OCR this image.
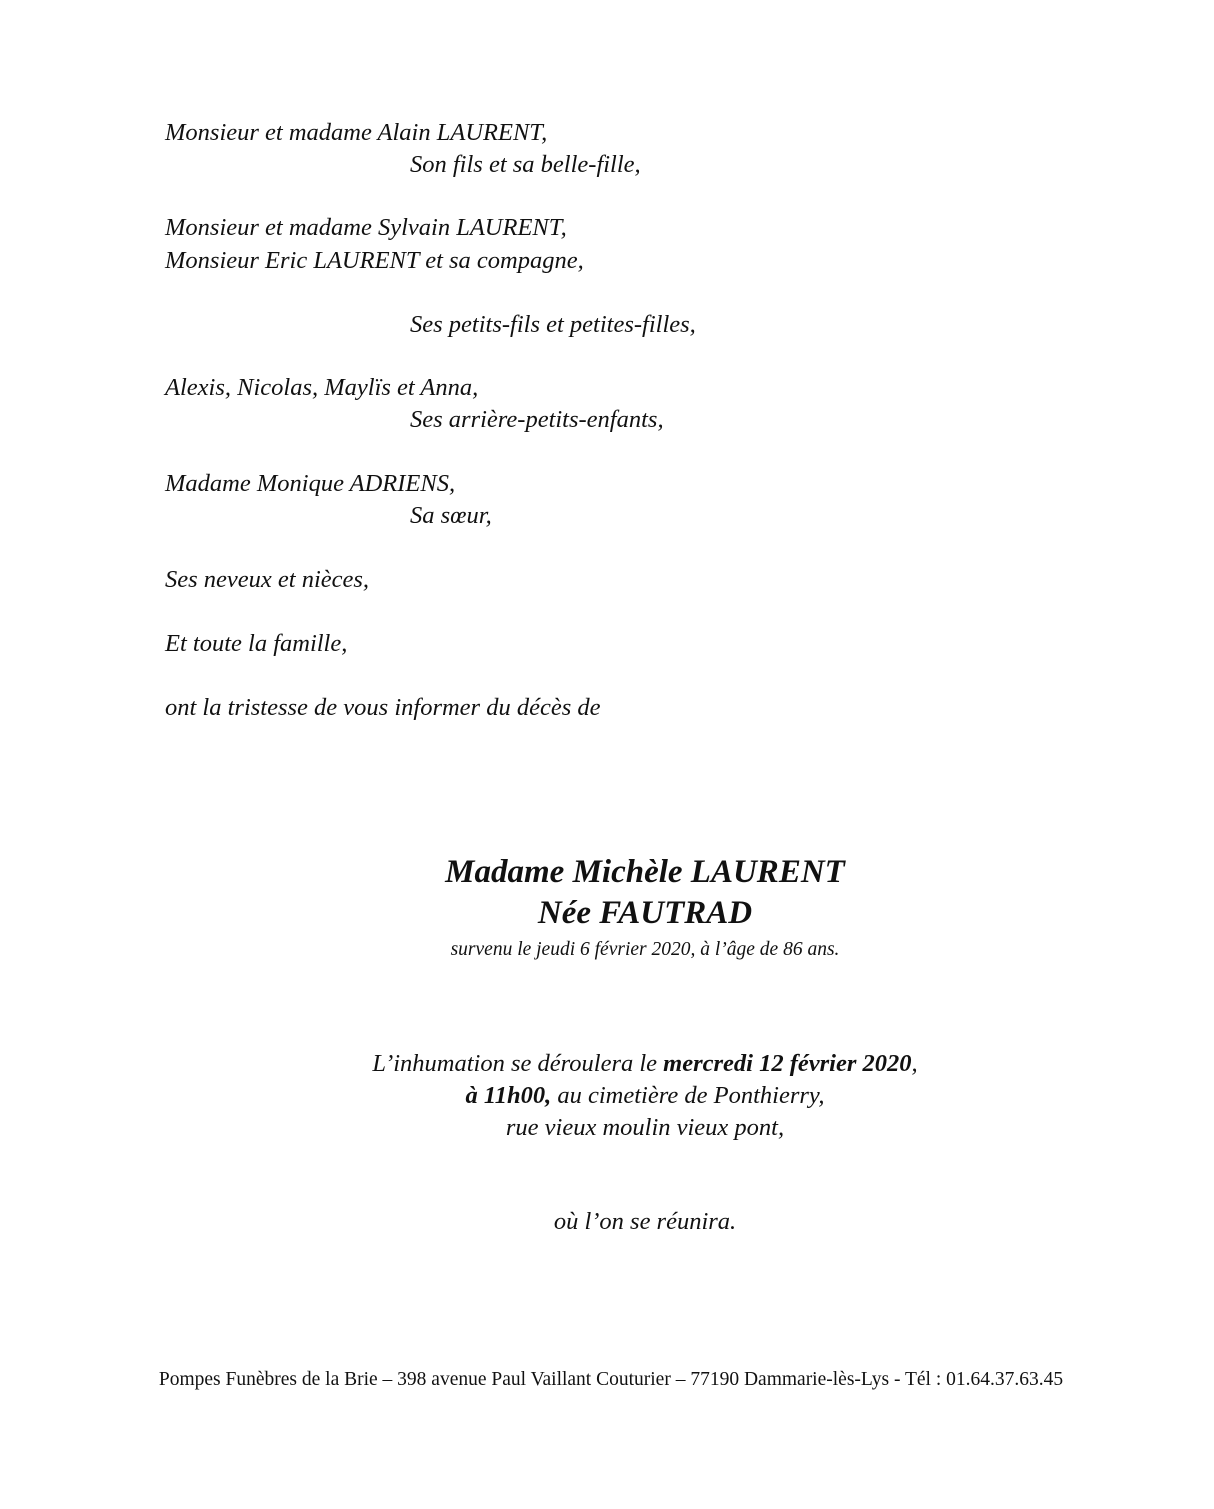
Monsieur et madame Alain LAURENT,
Son fils et sa belle-fille,
Monsieur et madame Sylvain LAURENT,
Monsieur Eric LAURENT et sa compagne,
Ses petits-fils et petites-filles,
Alexis, Nicolas, Maylïs et Anna,
Ses arrière-petits-enfants,
Madame Monique ADRIENS,
Sa sœur,
Ses neveux et nièces,
Et toute la famille,
ont la tristesse de vous informer du décès de
Madame Michèle LAURENT
Née FAUTRAD
survenu le jeudi 6 février 2020, à l’âge de 86 ans.
L’inhumation se déroulera le mercredi 12 février 2020,
à 11h00, au cimetière de Ponthierry,
rue vieux moulin vieux pont,
où l’on se réunira.
Pompes Funèbres de la Brie – 398 avenue Paul Vaillant Couturier – 77190 Dammarie-lès-Lys - Tél : 01.64.37.63.45
